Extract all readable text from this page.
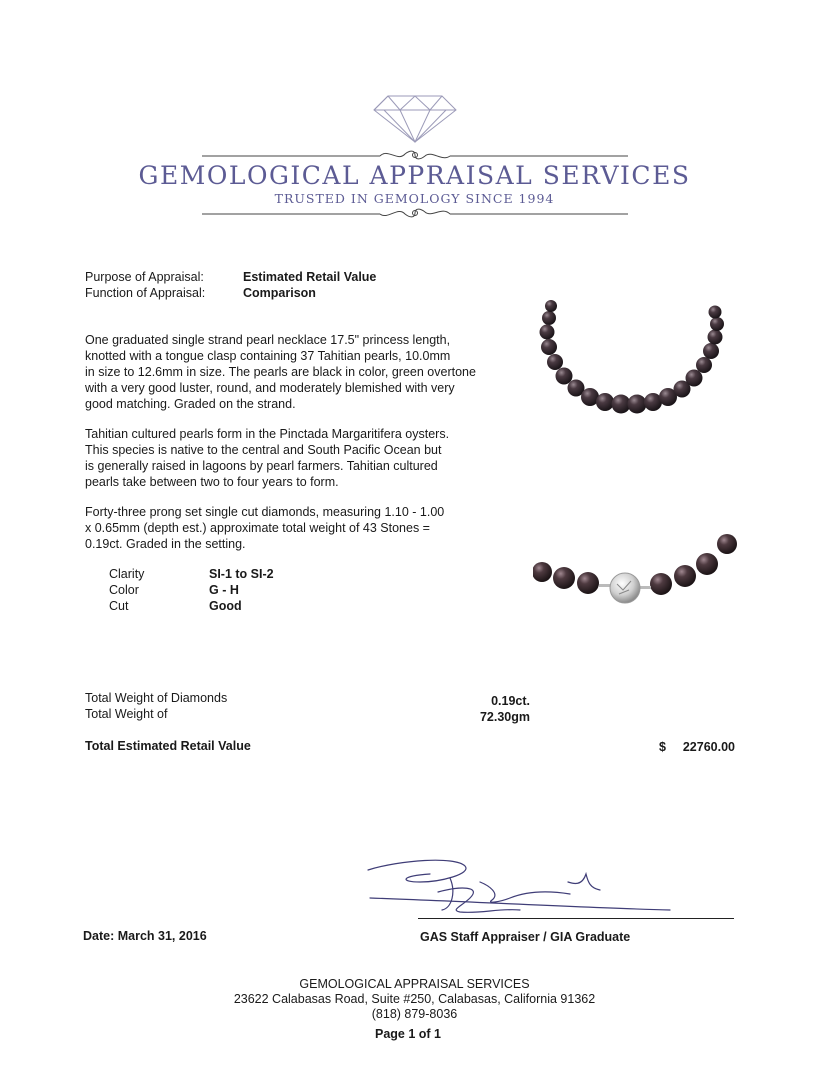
GEMOLOGICAL APPRAISAL SERVICES
TRUSTED IN GEMOLOGY SINCE 1994
Purpose of Appraisal:	Estimated Retail Value
Function of Appraisal:	Comparison

One graduated single strand pearl necklace 17.5" princess length,

knotted with a tongue clasp containing 37 Tahitian pearls, 10.0mm

in size to 12.6mm in size. The pearls are black in color, green overtone

with a very good luster, round, and moderately blemished with very

good matching. Graded on the strand.

Tahitian cultured pearls form in the Pinctada Margaritifera oysters.

This species is native to the central and South Pacific Ocean but

is generally raised in lagoons by pearl farmers. Tahitian cultured

pearls take between two to four years to form.

Forty-three prong set single cut diamonds, measuring 1.10 - 1.00

x 0.65mm (depth est.) approximate total weight of 43 Stones =

0.19ct. Graded in the setting.

Clarity	SI-1 to SI-2
Color	G - H
Cut	Good
Total Weight of Diamonds	0.19ct.
Total Weight of	72.30gm
Total Estimated Retail Value	$	22760.00
Date: March 31, 2016	GAS Staff Appraiser / GIA Graduate
GEMOLOGICAL APPRAISAL SERVICES
23622 Calabasas Road, Suite #250, Calabasas, California 91362
(818) 879-8036
Page 1 of 1
